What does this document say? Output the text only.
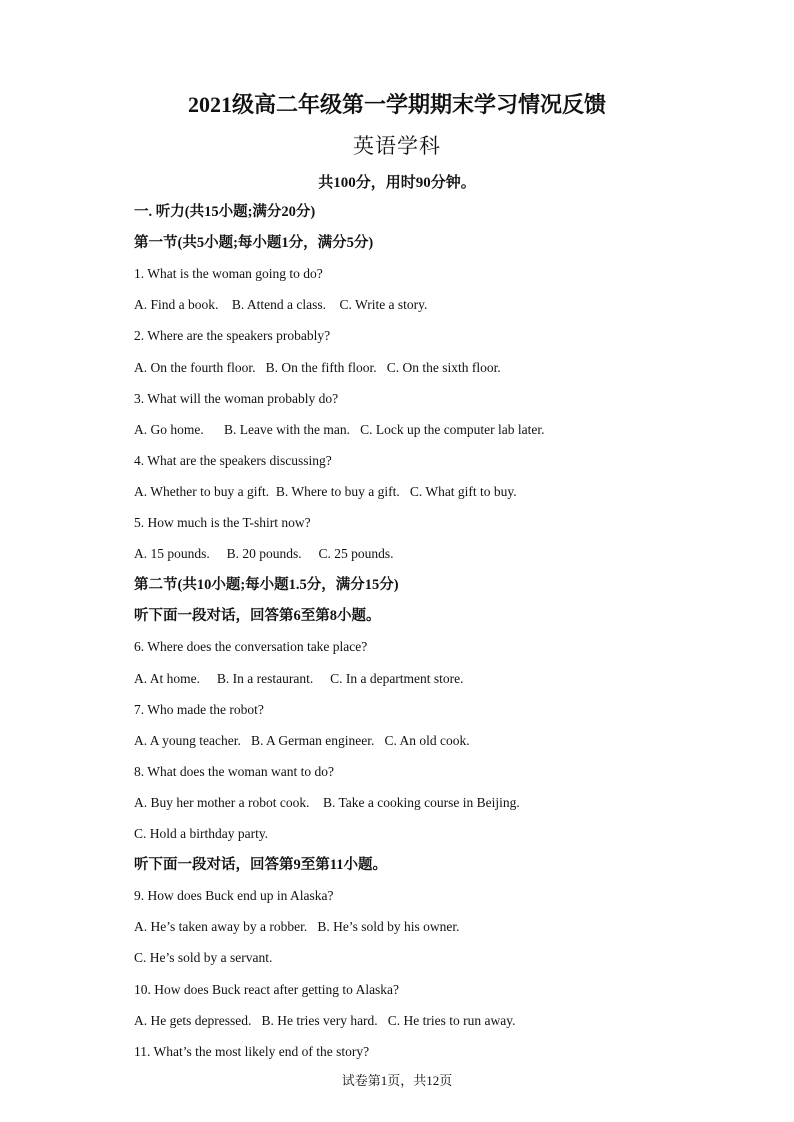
2021级高二年级第一学期期末学习情况反馈
英语学科
共100分，用时90分钟。
一. 听力(共15小题;满分20分)
第一节(共5小题;每小题1分，满分5分)
1. What is the woman going to do?
A. Find a book.    B. Attend a class.    C. Write a story.
2. Where are the speakers probably?
A. On the fourth floor.   B. On the fifth floor.   C. On the sixth floor.
3. What will the woman probably do?
A. Go home.      B. Leave with the man.   C. Lock up the computer lab later.
4. What are the speakers discussing?
A. Whether to buy a gift.  B. Where to buy a gift.   C. What gift to buy.
5. How much is the T-shirt now?
A. 15 pounds.     B. 20 pounds.     C. 25 pounds.
第二节(共10小题;每小题1.5分，满分15分)
听下面一段对话，回答第6至第8小题。
6. Where does the conversation take place?
A. At home.     B. In a restaurant.     C. In a department store.
7. Who made the robot?
A. A young teacher.   B. A German engineer.   C. An old cook.
8. What does the woman want to do?
A. Buy her mother a robot cook.    B. Take a cooking course in Beijing.
C. Hold a birthday party.
听下面一段对话，回答第9至第11小题。
9. How does Buck end up in Alaska?
A. He’s taken away by a robber.   B. He’s sold by his owner.
C. He’s sold by a servant.
10. How does Buck react after getting to Alaska?
A. He gets depressed.   B. He tries very hard.   C. He tries to run away.
11. What’s the most likely end of the story?
试卷第1页，共12页
